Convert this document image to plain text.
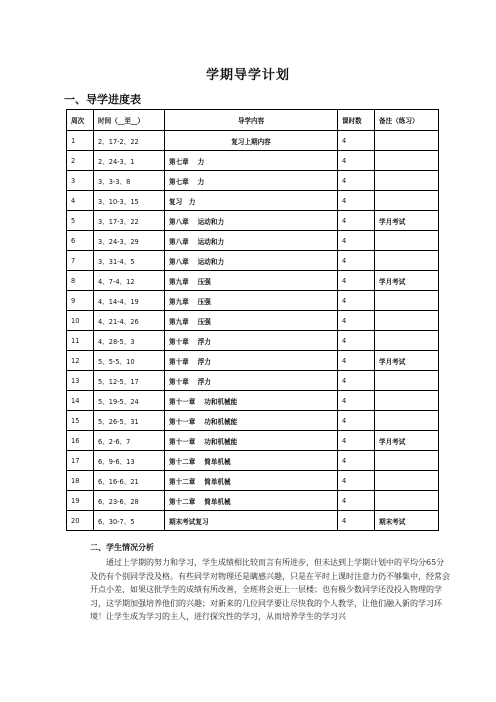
学期导学计划
一、导学进度表
周次	时间（__至__）	导学内容	课时数	备注（练习）
1	2、17-2、22	复习上期内容	4	
2	2、24-3、1	第七章　 力	4	
3	3、3-3、8	第七章　 力	4	
4	3、10-3、15	复习　力	4	
5	3、17-3、22	第八章　 运动和力	4	学月考试
6	3、24-3、29	第八章　 运动和力	4	
7	3、31-4、5	第八章　 运动和力	4	
8	4、7-4、12	第九章　 压强	4	学月考试
9	4、14-4、19	第九章　 压强	4	
10	4、21-4、26	第九章　 压强	4	
11	4、28-5、3	第十章　 浮力	4	
12	5、5-5、10	第十章　 浮力	4	学月考试
13	5、12-5、17	第十章　 浮力	4	
14	5、19-5、24	第十一章　 功和机械能	4	
15	5、26-5、31	第十一章　 功和机械能	4	
16	6、2-6、7	第十一章　 功和机械能	4	学月考试
17	6、9-6、13	第十二章　 简单机械	4	
18	6、16-6、21	第十二章　 简单机械	4	
19	6、23-6、28	第十二章　 简单机械	4	
20	6、30-7、5	期末考试复习	4	期末考试
二、学生情况分析
通过上学期的努力和学习，学生成绩相比较而言有所进步，但未达到上学期计划中的平均分65分及仍有个别同学没及格。有些同学对物理还是瞒感兴趣，只是在平时上课时注意力仍不够集中，经常会开点小差，如果这批学生的成绩有所改善，全班将会更上一层楼；也有极少数同学还没投入物理的学习，这学期加强培养他们的兴趣；对新来的几位同学要让尽快我的个人教学，让他们融入新的学习环境！让学生成为学习的主人，进行探究性的学习，从而培养学生的学习兴
